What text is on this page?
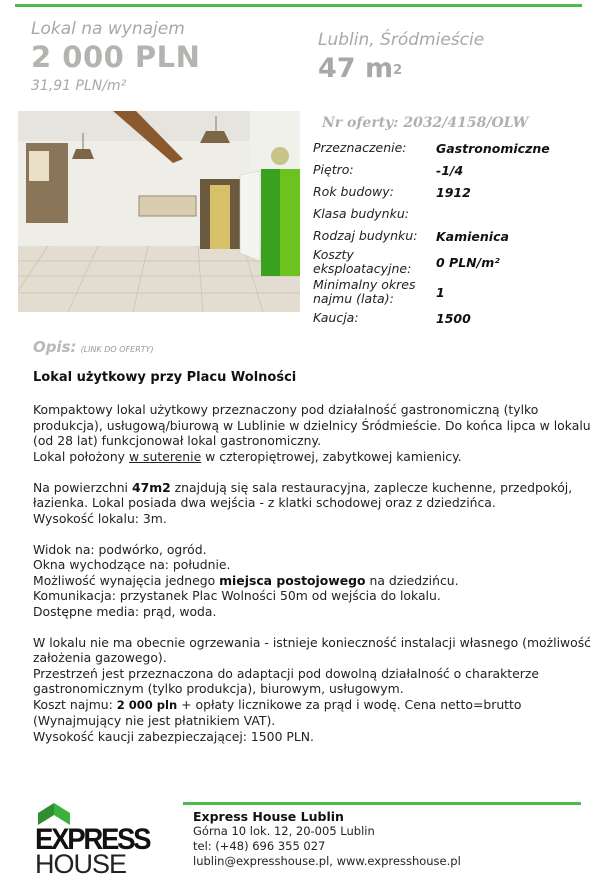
Lokal na wynajem
2 000 PLN
31,91 PLN/m²
Lublin, Śródmieście
47 $m^2$
Nr oferty: 2032/4158/OLW
Przeznaczenie:	Gastronomiczne
Piętro:	-1/4
Rok budowy:	1912
Klasa budynku:	
Rodzaj budynku:	Kamienica
Koszty eksploatacyjne:	0 PLN/m²
Minimalny okres najmu (lata):	1
Kaucja:	1500
Opis: (LINK DO OFERTY)
Lokal użytkowy przy Placu Wolności

Kompaktowy lokal użytkowy przeznaczony pod działalność gastronomiczną (tylko produkcja), usługową/biurową w Lublinie w dzielnicy Śródmieście. Do końca lipca w lokalu (od 28 lat) funkcjonował lokal gastronomiczny.
Lokal położony w suterenie w czteropiętrowej, zabytkowej kamienicy.

Na powierzchni 47m2 znajdują się sala restauracyjna, zaplecze kuchenne, przedpokój, łazienka. Lokal posiada dwa wejścia - z klatki schodowej oraz z dziedzińca.
Wysokość lokalu: 3m.

Widok na: podwórko, ogród.
Okna wychodzące na: południe.
Możliwość wynajęcia jednego miejsca postojowego na dziedzińcu.
Komunikacja: przystanek Plac Wolności 50m od wejścia do lokalu.
Dostępne media: prąd, woda.

W lokalu nie ma obecnie ogrzewania - istnieje konieczność instalacji własnego (możliwość założenia gazowego).
Przestrzeń jest przeznaczona do adaptacji pod dowolną działalność o charakterze gastronomicznym (tylko produkcja), biurowym, usługowym.
Koszt najmu: 2 000 pln + opłaty licznikowe za prąd i wodę. Cena netto=brutto (Wynajmujący nie jest płatnikiem VAT).
Wysokość kaucji zabezpieczającej: 1500 PLN.

EXPRESS
HOUSE
Express House Lublin
Górna 10 lok. 12, 20-005 Lublin
tel: (+48) 696 355 027
lublin@expresshouse.pl, www.expresshouse.pl
